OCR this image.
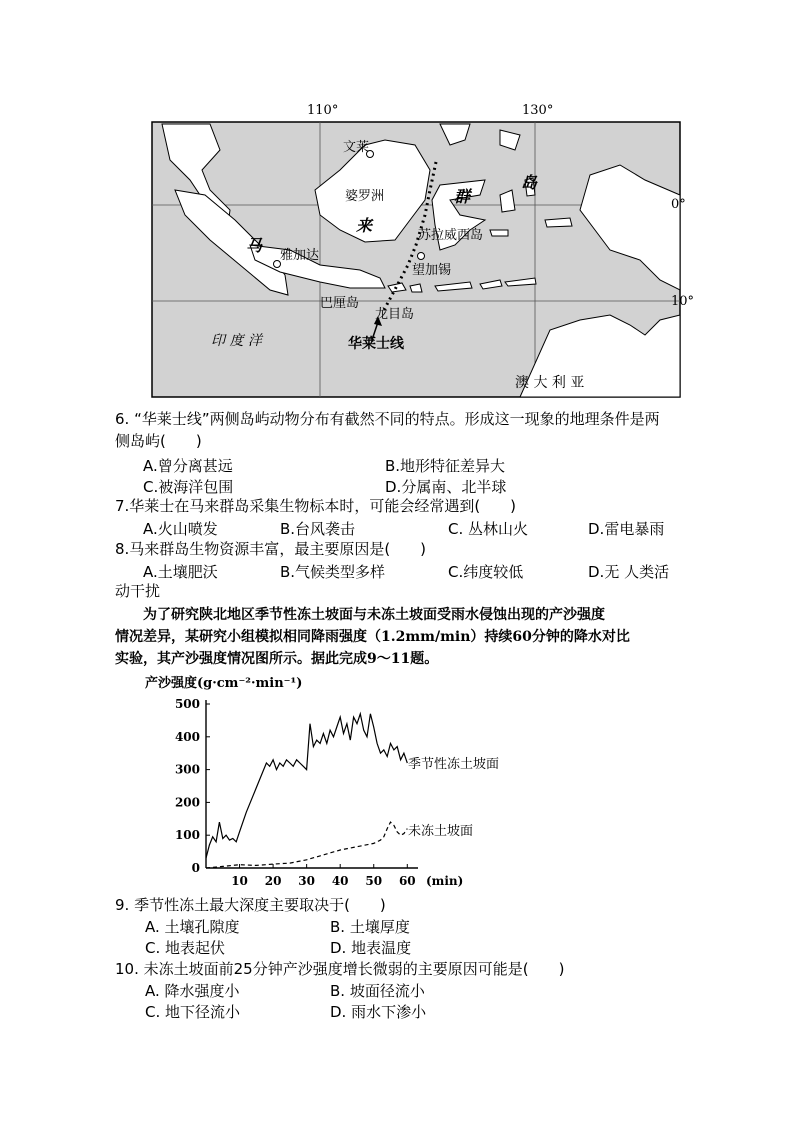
110°	130°
0°
10°
文莱
婆罗洲
苏拉威西岛
雅加达
望加锡
巴厘岛
龙目岛
印 度 洋
澳 大 利 亚
华莱士线
马
来
群
岛
6. “华莱士线”两侧岛屿动物分布有截然不同的特点。形成这一现象的地理条件是两
侧岛屿(　　)
A.曾分离甚远	B.地形特征差异大
C.被海洋包围	D.分属南、北半球
7.华莱士在马来群岛采集生物标本时，可能会经常遇到(　　)
A.火山喷发	B.台风袭击	C. 丛林山火	D.雷电暴雨
8.马来群岛生物资源丰富，最主要原因是(　　)
A.土壤肥沃	B.气候类型多样	C.纬度较低	D.无 人类活
动干扰
为了研究陕北地区季节性冻土坡面与未冻土坡面受雨水侵蚀出现的产沙强度
情况差异，某研究小组模拟相同降雨强度（1.2mm/min）持续60分钟的降水对比
实验，其产沙强度情况图所示。据此完成9～11题。
产沙强度(g·cm⁻²·min⁻¹)
0
100
200
300
400
500
10 20 30 40 50 60 (min)
季节性冻土坡面
未冻土坡面
9. 季节性冻土最大深度主要取决于(　　)
A. 土壤孔隙度	B. 土壤厚度
C. 地表起伏	D. 地表温度
10. 未冻土坡面前25分钟产沙强度增长微弱的主要原因可能是(　　)
A. 降水强度小	B. 坡面径流小
C. 地下径流小	D. 雨水下渗小
